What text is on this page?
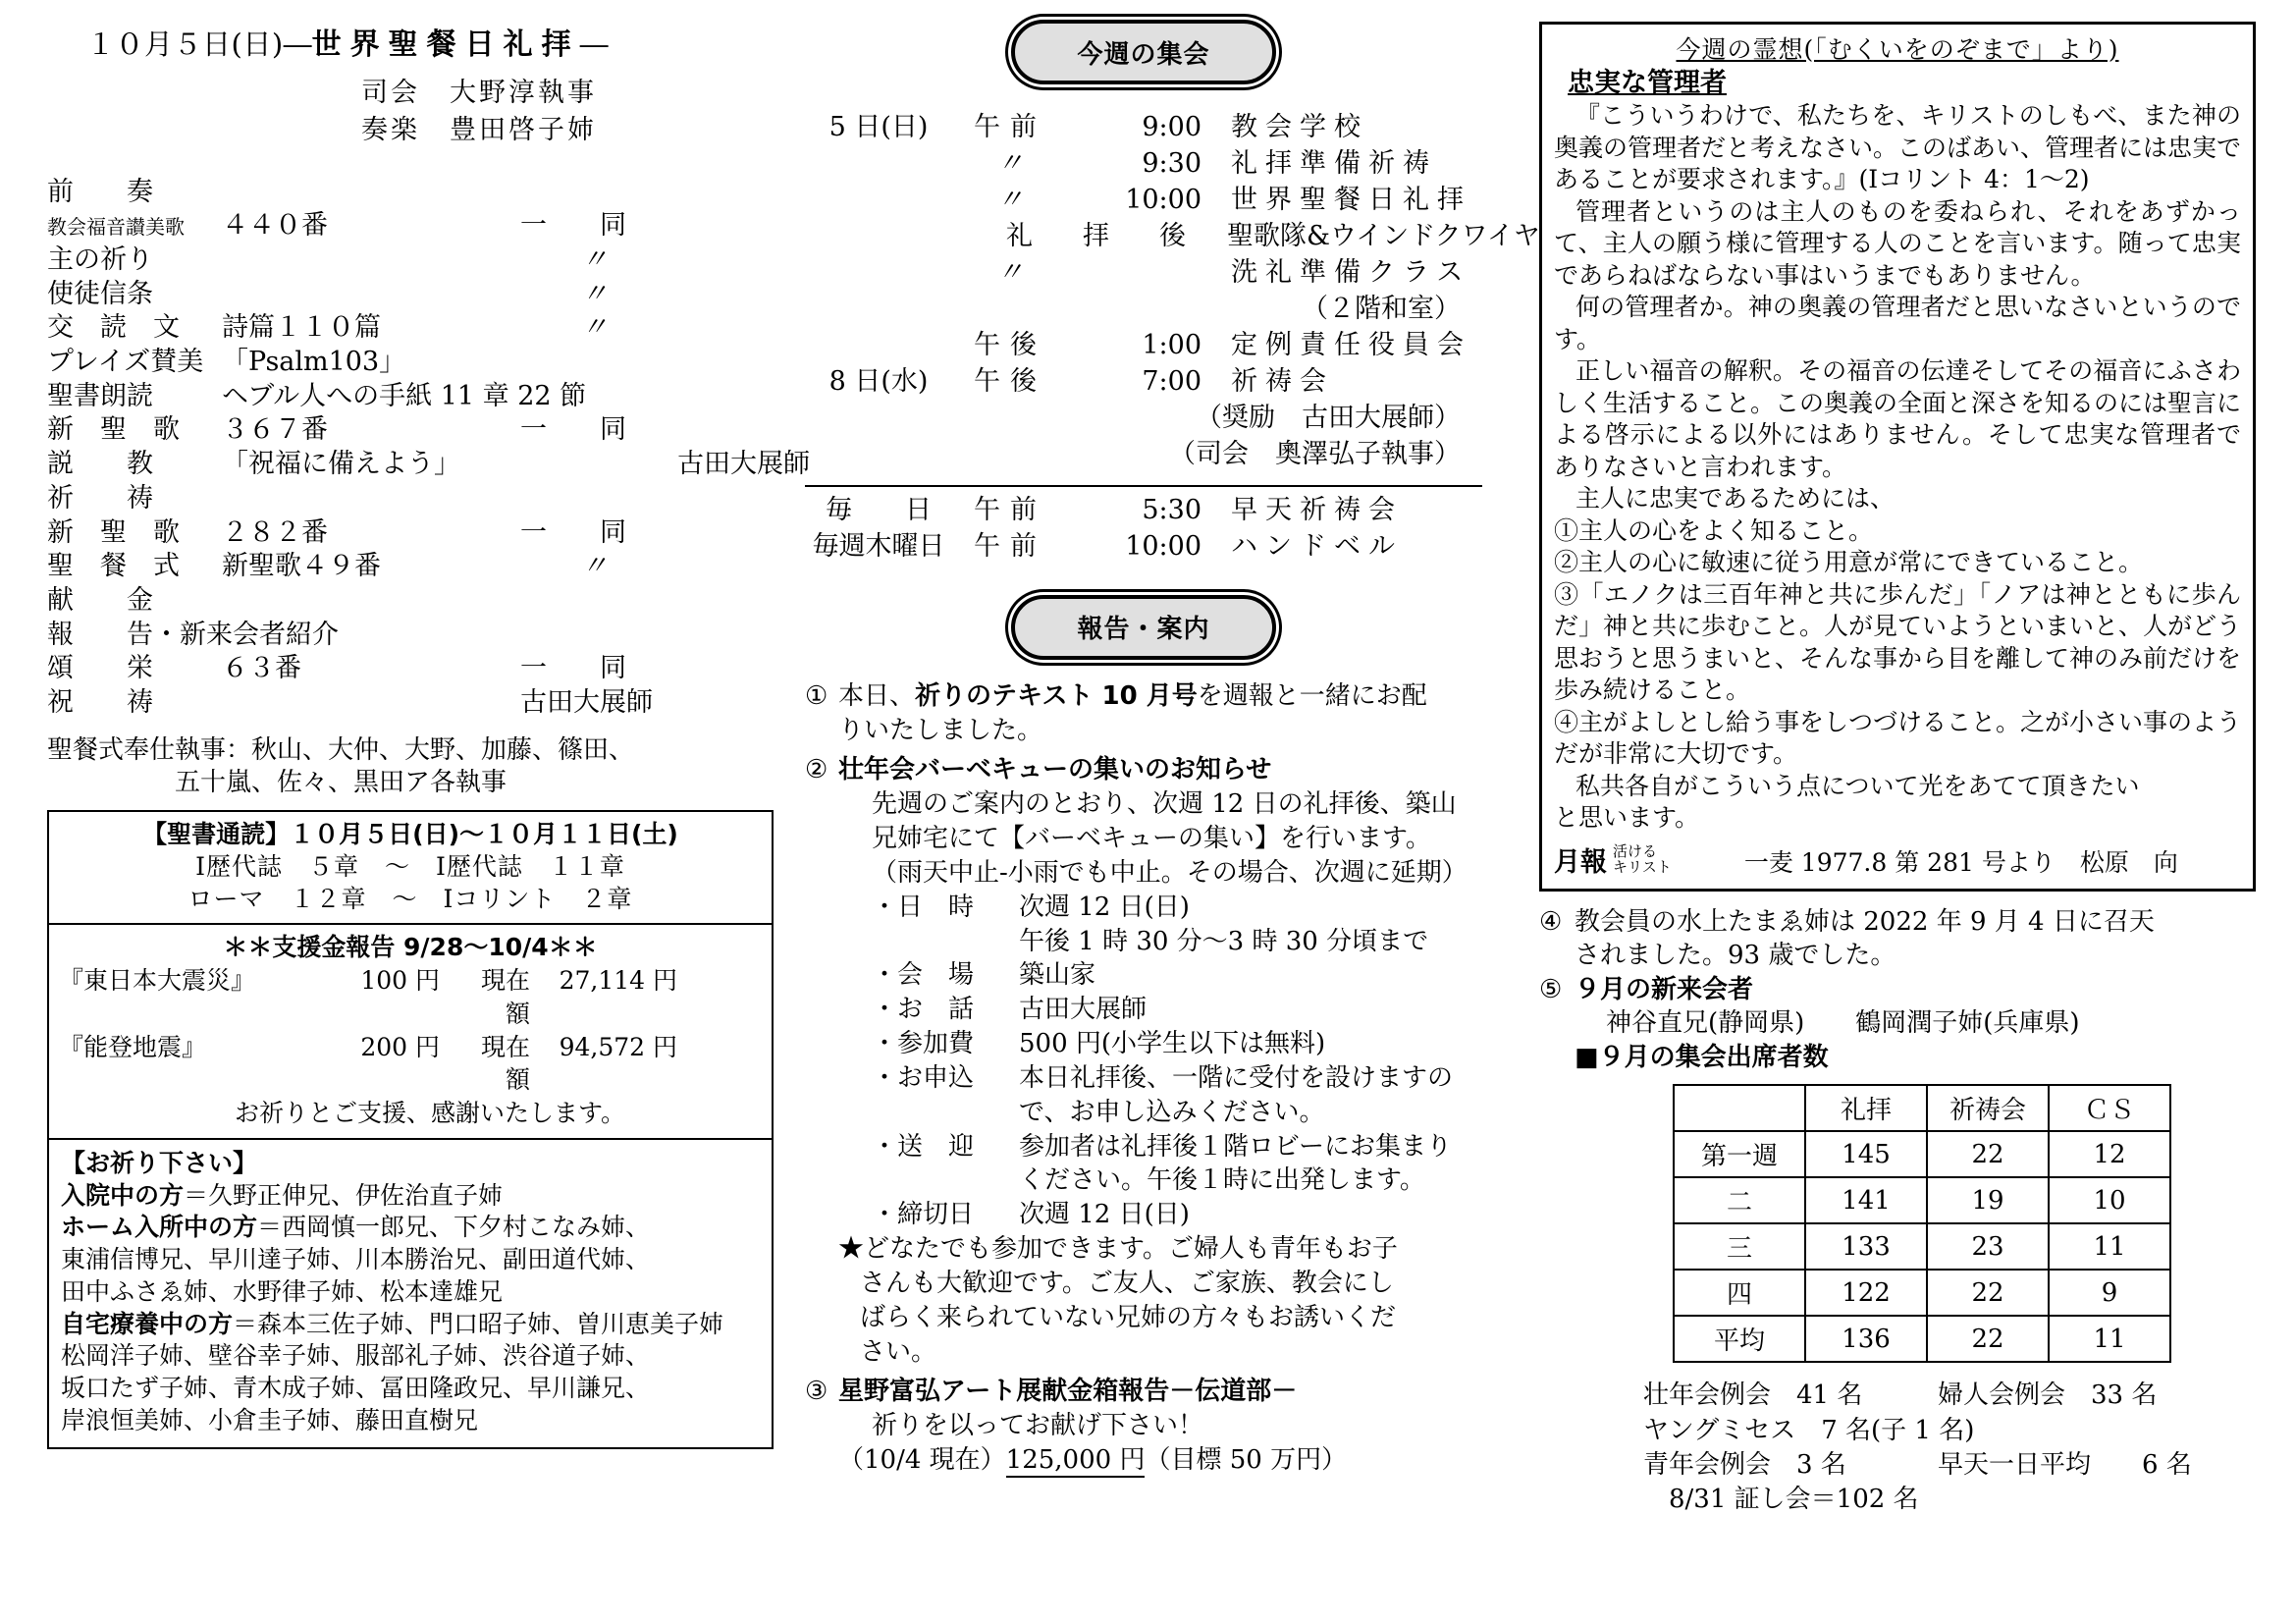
１０月５日(日)―世界聖餐日礼拝―
司会　大野淳執事
奏楽　豊田啓子姉
前　　奏
教会福音讃美歌	４４０番	一　　同
主の祈り	〃
使徒信条	〃
交　読　文	詩篇１１０篇	〃
プレイズ賛美 「Psalm103」
聖書朗読	ヘブル人への手紙 11 章 22 節
新　聖　歌	３６７番	一　　同
説　　教	「祝福に備えよう」	古田大展師
祈　　祷
新　聖　歌	２８２番	一　　同
聖　餐　式	新聖歌４９番	〃
献　　金
報　　告・新来会者紹介
頌　　栄	６３番	一　　同
祝　　祷	古田大展師
聖餐式奉仕執事：秋山、大仲、大野、加藤、篠田、
五十嵐、佐々、黒田ア各執事
【聖書通読】１０月５日(日)〜１０月１１日(土)
Ⅰ歴代誌　５章　〜　Ⅰ歴代誌　１１章
ローマ　１２章　〜　Ⅰコリント　２章
＊＊支援金報告 9/28〜10/4＊＊
『東日本大震災』	100 円	現在額
27,114 円
『能登地震』	200 円	現在額
94,572 円
お祈りとご支援、感謝いたします。
【お祈り下さい】
入院中の方＝久野正伸兄、伊佐治直子姉
ホーム入所中の方＝西岡慎一郎兄、下夕村こなみ姉、
東浦信博兄、早川達子姉、川本勝治兄、副田道代姉、
田中ふさゑ姉、水野律子姉、松本達雄兄
自宅療養中の方＝森本三佐子姉、門口昭子姉、曽川恵美子姉
松岡洋子姉、壁谷幸子姉、服部礼子姉、渋谷道子姉、
坂口たず子姉、青木成子姉、冨田隆政兄、早川謙兄、
岸浪恒美姉、小倉圭子姉、藤田直樹兄
今週の集会
5 日(日)	午前	9:00	教会学校
〃	9:30	礼拝準備祈祷
〃	10:00	世界聖餐日礼拝
礼　拝　後	聖歌隊&ウインドクワイヤ
〃	洗礼準備クラス
（２階和室）
午後	1:00	定例責任役員会
8 日(水)	午後	7:00	祈祷会
（奨励　古田大展師）
（司会　奧澤弘子執事）
毎　　日	午前	5:30	早天祈祷会
毎週木曜日	午前	10:00	ハンドベル
報告・案内
① 本日、祈りのテキスト 10 月号を週報と一緒にお配
りいたしました。
② 壮年会バーベキューの集いのお知らせ
先週のご案内のとおり、次週 12 日の礼拝後、築山
兄姉宅にて【バーベキューの集い】を行います。
（雨天中止-小雨でも中止。その場合、次週に延期）
・日　時	次週 12 日(日)
午後 1 時 30 分〜3 時 30 分頃まで
・会　場	築山家
・お　話	古田大展師
・参加費	500 円(小学生以下は無料)
・お申込	本日礼拝後、一階に受付を設けますの
で、お申し込みください。
・送　迎	参加者は礼拝後１階ロビーにお集まり
ください。午後１時に出発します。
・締切日	次週 12 日(日)
★どなたでも参加できます。ご婦人も青年もお子
さんも大歓迎です。ご友人、ご家族、教会にし
ばらく来られていない兄姉の方々もお誘いくだ
さい。
③ 星野富弘アート展献金箱報告－伝道部－
祈りを以ってお献げ下さい！
（10/4 現在）125,000 円（目標 50 万円）
今週の霊想(「むくいをのぞまで」より)
忠実な管理者
『こういうわけで、私たちを、キリストのしもべ、また神の奥義の管理者だと考えなさい。このばあい、管理者には忠実であることが要求されます。』(Ⅰコリント 4：1〜2)
管理者というのは主人のものを委ねられ、それをあずかって、主人の願う様に管理する人のことを言います。随って忠実であらねばならない事はいうまでもありません。
何の管理者か。神の奥義の管理者だと思いなさいというのです。
正しい福音の解釈。その福音の伝達そしてその福音にふさわしく生活すること。この奥義の全面と深さを知るのには聖言による啓示による以外にはありません。そして忠実な管理者でありなさいと言われます。
主人に忠実であるためには、
①主人の心をよく知ること。
②主人の心に敏速に従う用意が常にできていること。
③「エノクは三百年神と共に歩んだ」「ノアは神とともに歩んだ」神と共に歩むこと。人が見ていようといまいと、人がどう思おうと思うまいと、そんな事から目を離して神のみ前だけを歩み続けること。
④主がよしとし給う事をしつづけること。之が小さい事のようだが非常に大切です。
私共各自がこういう点について光をあてて頂きたい
と思います。
月報 活ける
キリスト	一麦 1977.8 第 281 号より　松原　向
④ 教会員の水上たまゑ姉は 2022 年 9 月 4 日に召天
されました。93 歳でした。
⑤ ９月の新来会者
神谷直兄(静岡県)　　鶴岡潤子姉(兵庫県)
■９月の集会出席者数
	礼拝	祈祷会	ＣＳ
第一週	145	22	12
二	141	19	10
三	133	23	11
四	122	22	9
平均	136	22	11
壮年会例会　41 名	婦人会例会　33 名
ヤングミセス　7 名(子 1 名)
青年会例会　3 名	早天一日平均　　6 名
　8/31 証し会＝102 名
